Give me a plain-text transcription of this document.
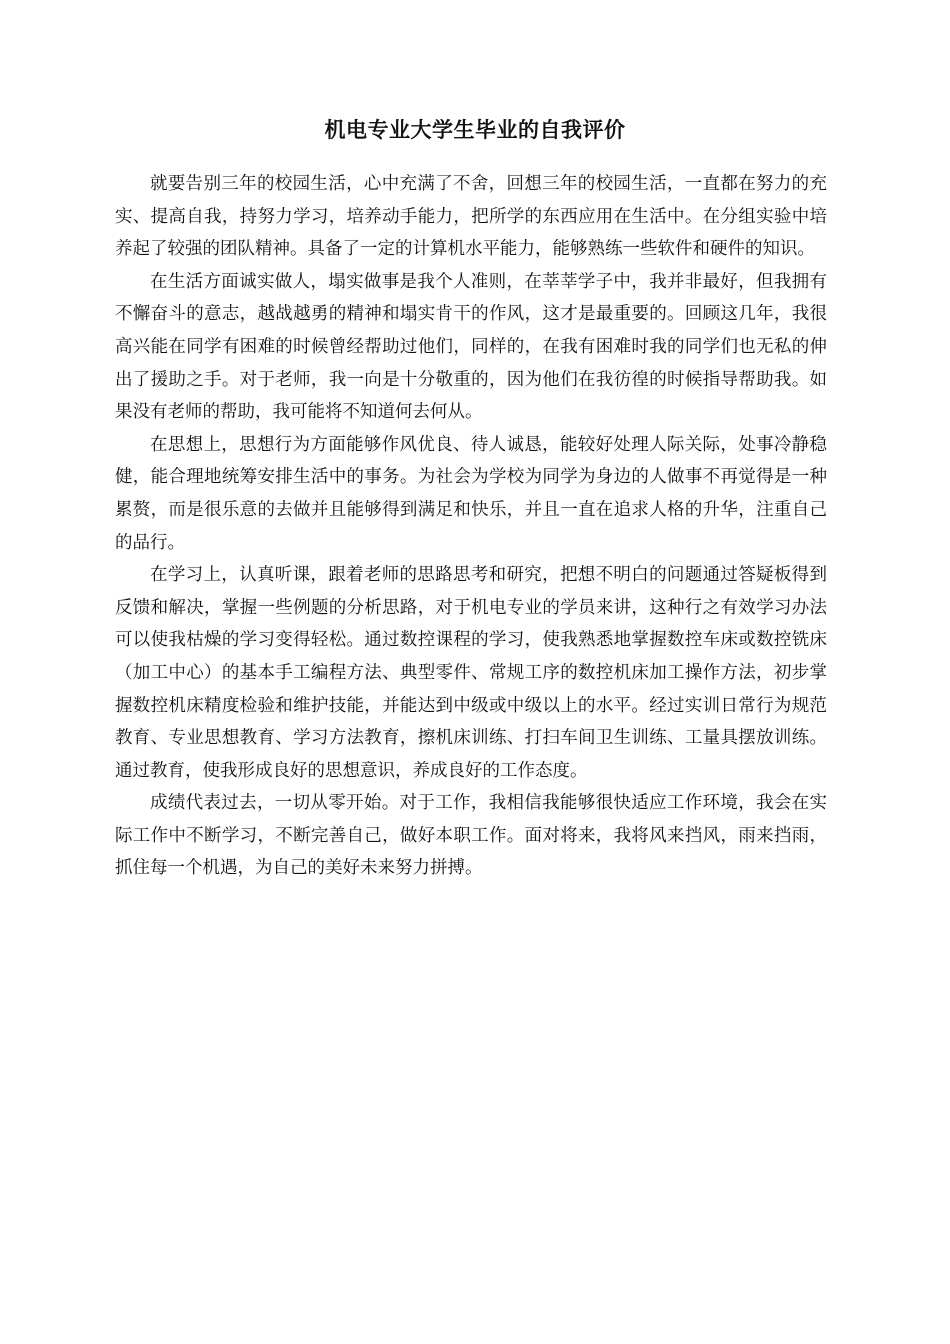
机电专业大学生毕业的自我评价

就要告别三年的校园生活，心中充满了不舍，回想三年的校园生活，一直都在努力的充实、提高自我，持努力学习，培养动手能力，把所学的东西应用在生活中。在分组实验中培养起了较强的团队精神。具备了一定的计算机水平能力，能够熟练一些软件和硬件的知识。

在生活方面诚实做人，塌实做事是我个人准则，在莘莘学子中，我并非最好，但我拥有不懈奋斗的意志，越战越勇的精神和塌实肯干的作风，这才是最重要的。回顾这几年，我很高兴能在同学有困难的时候曾经帮助过他们，同样的，在我有困难时我的同学们也无私的伸出了援助之手。对于老师，我一向是十分敬重的，因为他们在我彷徨的时候指导帮助我。如果没有老师的帮助，我可能将不知道何去何从。

在思想上，思想行为方面能够作风优良、待人诚恳，能较好处理人际关际，处事冷静稳健，能合理地统筹安排生活中的事务。为社会为学校为同学为身边的人做事不再觉得是一种累赘，而是很乐意的去做并且能够得到满足和快乐，并且一直在追求人格的升华，注重自己的品行。

在学习上，认真听课，跟着老师的思路思考和研究，把想不明白的问题通过答疑板得到反馈和解决，掌握一些例题的分析思路，对于机电专业的学员来讲，这种行之有效学习办法可以使我枯燥的学习变得轻松。通过数控课程的学习，使我熟悉地掌握数控车床或数控铣床（加工中心）的基本手工编程方法、典型零件、常规工序的数控机床加工操作方法，初步掌握数控机床精度检验和维护技能，并能达到中级或中级以上的水平。经过实训日常行为规范教育、专业思想教育、学习方法教育，擦机床训练、打扫车间卫生训练、工量具摆放训练。通过教育，使我形成良好的思想意识，养成良好的工作态度。

成绩代表过去，一切从零开始。对于工作，我相信我能够很快适应工作环境，我会在实际工作中不断学习，不断完善自己，做好本职工作。面对将来，我将风来挡风，雨来挡雨，抓住每一个机遇，为自己的美好未来努力拼搏。
